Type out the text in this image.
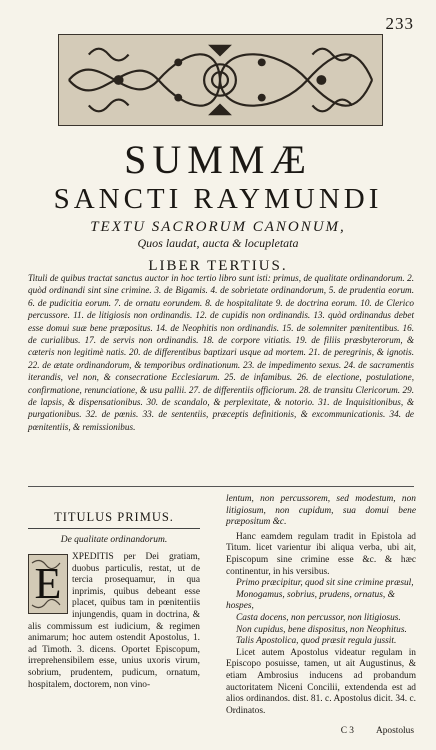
233
SUMMÆ
SANCTI RAYMUNDI
TEXTU SACRORUM CANONUM,
Quos laudat, aucta & locupletata
LIBER TERTIUS.
Tituli de quibus tractat sanctus auctor in hoc tertio libro sunt isti: primus, de qualitate ordinandorum. 2. quòd ordinandi sint sine crimine. 3. de Bigamis. 4. de sobrietate ordinandorum, 5. de prudentia eorum. 6. de pudicitia eorum. 7. de ornatu eorundem. 8. de hospitalitate 9. de doctrina eorum. 10. de Clerico percussore. 11. de litigiosis non ordinandis. 12. de cupidis non ordinandis. 13. quòd ordinandus debet esse domui suæ bene præpositus. 14. de Neophitis non ordinandis. 15. de solemniter pœnitentibus. 16. de curialibus. 17. de servis non ordinandis. 18. de corpore vitiatis. 19. de filiis præsbyterorum, & cæteris non legitimè natis. 20. de differentibus baptizari usque ad mortem. 21. de peregrinis, & ignotis. 22. de ætate ordinandorum, & temporibus ordinationum. 23. de impedimento sexus. 24. de sacramentis iterandis, vel non, & consecratione Ecclesiarum. 25. de infamibus. 26. de electione, postulatione, confirmatione, renunciatione, & usu pallii. 27. de differentiis officiorum. 28. de transitu Clericorum. 29. de lapsis, & dispensationibus. 30. de scandalo, & perplexitate, & notorio. 31. de Inquisitionibus, & purgationibus. 32. de pœnis. 33. de sententiis, præceptis definitionis, & excommunicationis. 34. de pœnitentiis, & remissionibus.
TITULUS PRIMUS.
De qualitate ordinandorum.
E
XPEDITIS per Dei gratiam, duobus particulis, restat, ut de tercia prosequamur, in qua inprimis, quibus debeant esse placet, quibus tam in pœnitentiis injungendis, quam in doctrina, & alis commissum est iudicium, & regimen animarum; hoc autem ostendit Apostolus, 1. ad Timoth. 3. dicens. Oportet Episcopum, irreprehensibilem esse, unius uxoris virum, sobrium, prudentem, pudicum, ornatum, hospitalem, doctorem, non vino-
lentum, non percussorem, sed modestum, non litigiosum, non cupidum, sua domui bene præpositum &c.
Hanc eamdem regulam tradit in Epistola ad Titum. licet varientur ibi aliqua verba, ubi ait, Episcopum sine crimine esse &c. & hæc continentur, in his versibus.
Primo præcipitur, quod sit sine crimine præsul,
Monogamus, sobrius, prudens, ornatus, & hospes,
Casta docens, non percussor, non litigiosus.
Non cupidus, bene dispositus, non Neophitus.
Talis Apostolica, quod præsit regula jussit.
Licet autem Apostolus videatur regulam in Episcopo posuisse, tamen, ut ait Augustinus, & etiam Ambrosius inducens ad probandum auctoritatem Niceni Concilii, extendenda est ad alios ordinandos. dist. 81. c. Apostolus dicit. 34. c. Ordinatos.
C 3 Apostolus
